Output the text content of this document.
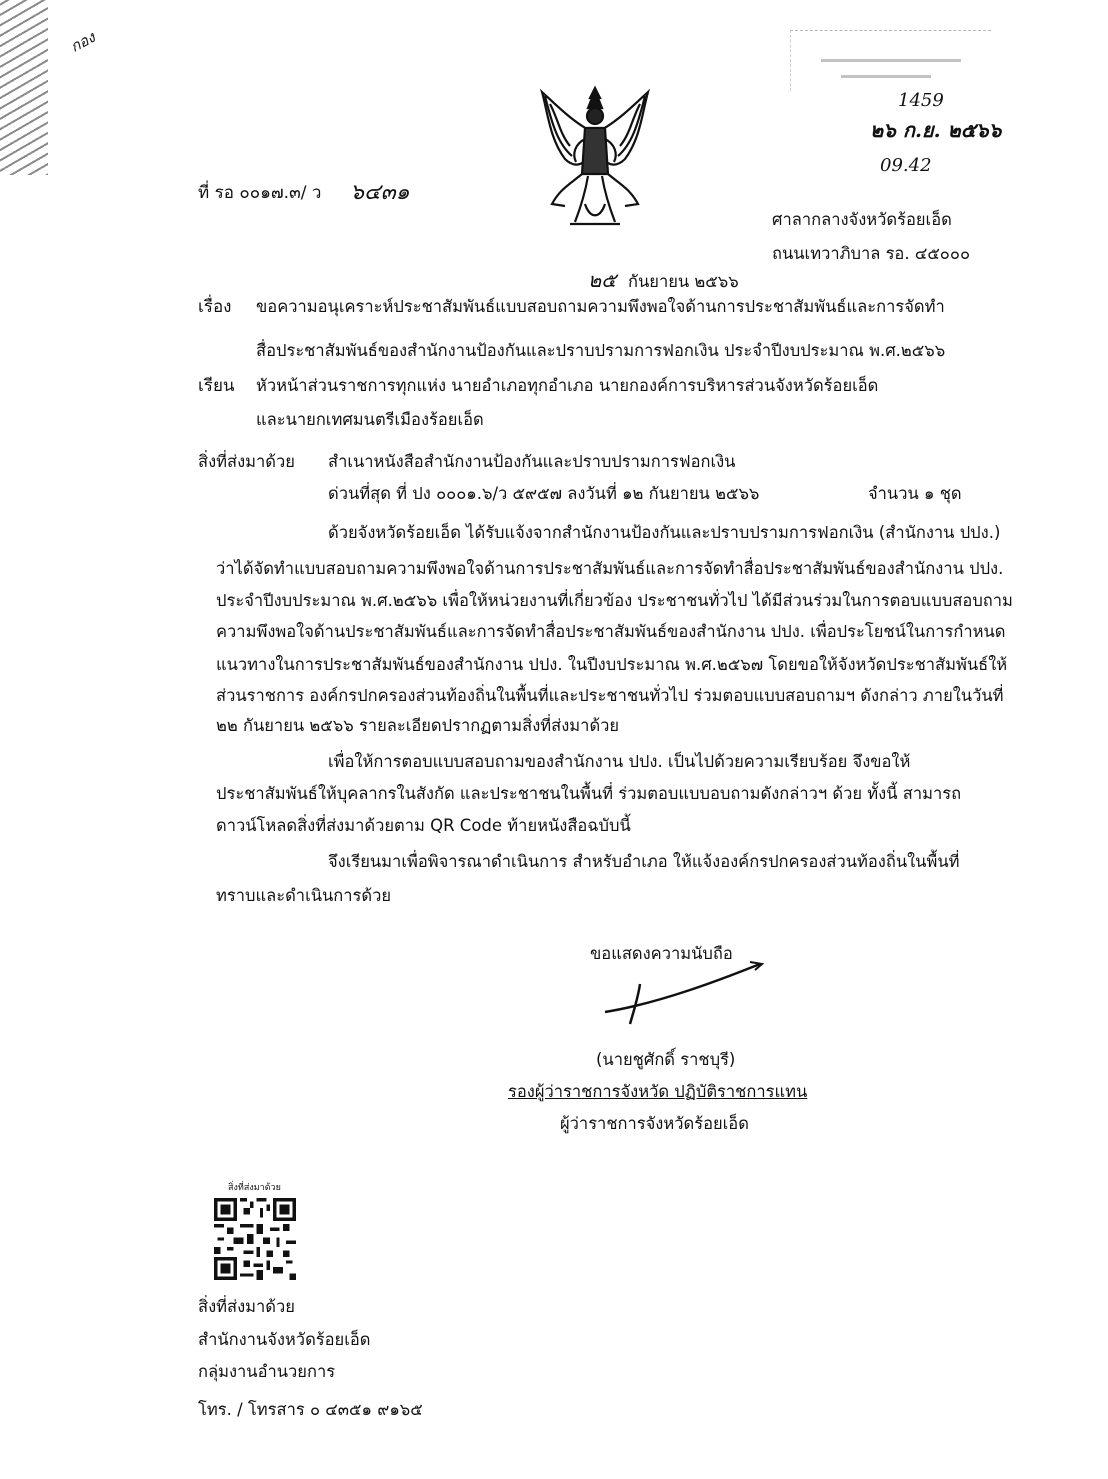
กอง
1459
๒๖ ก.ย. ๒๕๖๖
09.42
ที่ รอ ๐๐๑๗.๓/ ว ๖๔๓๑
ศาลากลางจังหวัดร้อยเอ็ด
ถนนเทวาภิบาล รอ. ๔๕๐๐๐
๒๕ กันยายน ๒๕๖๖
เรื่อง ขอความอนุเคราะห์ประชาสัมพันธ์แบบสอบถามความพึงพอใจด้านการประชาสัมพันธ์และการจัดทำ
สื่อประชาสัมพันธ์ของสำนักงานป้องกันและปราบปรามการฟอกเงิน ประจำปีงบประมาณ พ.ศ.๒๕๖๖
เรียน หัวหน้าส่วนราชการทุกแห่ง นายอำเภอทุกอำเภอ นายกองค์การบริหารส่วนจังหวัดร้อยเอ็ด
และนายกเทศมนตรีเมืองร้อยเอ็ด
สิ่งที่ส่งมาด้วย สำเนาหนังสือสำนักงานป้องกันและปราบปรามการฟอกเงิน
ด่วนที่สุด ที่ ปง ๐๐๐๑.๖/ว ๕๙๕๗ ลงวันที่ ๑๒ กันยายน ๒๕๖๖	จำนวน ๑ ชุด
ด้วยจังหวัดร้อยเอ็ด ได้รับแจ้งจากสำนักงานป้องกันและปราบปรามการฟอกเงิน (สำนักงาน ปปง.)
ว่าได้จัดทำแบบสอบถามความพึงพอใจด้านการประชาสัมพันธ์และการจัดทำสื่อประชาสัมพันธ์ของสำนักงาน ปปง.
ประจำปีงบประมาณ พ.ศ.๒๕๖๖ เพื่อให้หน่วยงานที่เกี่ยวข้อง ประชาชนทั่วไป ได้มีส่วนร่วมในการตอบแบบสอบถาม
ความพึงพอใจด้านประชาสัมพันธ์และการจัดทำสื่อประชาสัมพันธ์ของสำนักงาน ปปง. เพื่อประโยชน์ในการกำหนด
แนวทางในการประชาสัมพันธ์ของสำนักงาน ปปง. ในปีงบประมาณ พ.ศ.๒๕๖๗ โดยขอให้จังหวัดประชาสัมพันธ์ให้
ส่วนราชการ องค์กรปกครองส่วนท้องถิ่นในพื้นที่และประชาชนทั่วไป ร่วมตอบแบบสอบถามฯ ดังกล่าว ภายในวันที่
๒๒ กันยายน ๒๕๖๖ รายละเอียดปรากฏตามสิ่งที่ส่งมาด้วย
เพื่อให้การตอบแบบสอบถามของสำนักงาน ปปง. เป็นไปด้วยความเรียบร้อย จึงขอให้
ประชาสัมพันธ์ให้บุคลากรในสังกัด และประชาชนในพื้นที่ ร่วมตอบแบบอบถามดังกล่าวฯ ด้วย ทั้งนี้ สามารถ
ดาวน์โหลดสิ่งที่ส่งมาด้วยตาม QR Code ท้ายหนังสือฉบับนี้
จึงเรียนมาเพื่อพิจารณาดำเนินการ สำหรับอำเภอ ให้แจ้งองค์กรปกครองส่วนท้องถิ่นในพื้นที่
ทราบและดำเนินการด้วย
ขอแสดงความนับถือ
(นายชูศักดิ์ ราชบุรี)
รองผู้ว่าราชการจังหวัด ปฏิบัติราชการแทน
ผู้ว่าราชการจังหวัดร้อยเอ็ด
สิ่งที่ส่งมาด้วย
สิ่งที่ส่งมาด้วย
สำนักงานจังหวัดร้อยเอ็ด
กลุ่มงานอำนวยการ
โทร. / โทรสาร ๐ ๔๓๕๑ ๙๑๖๕
